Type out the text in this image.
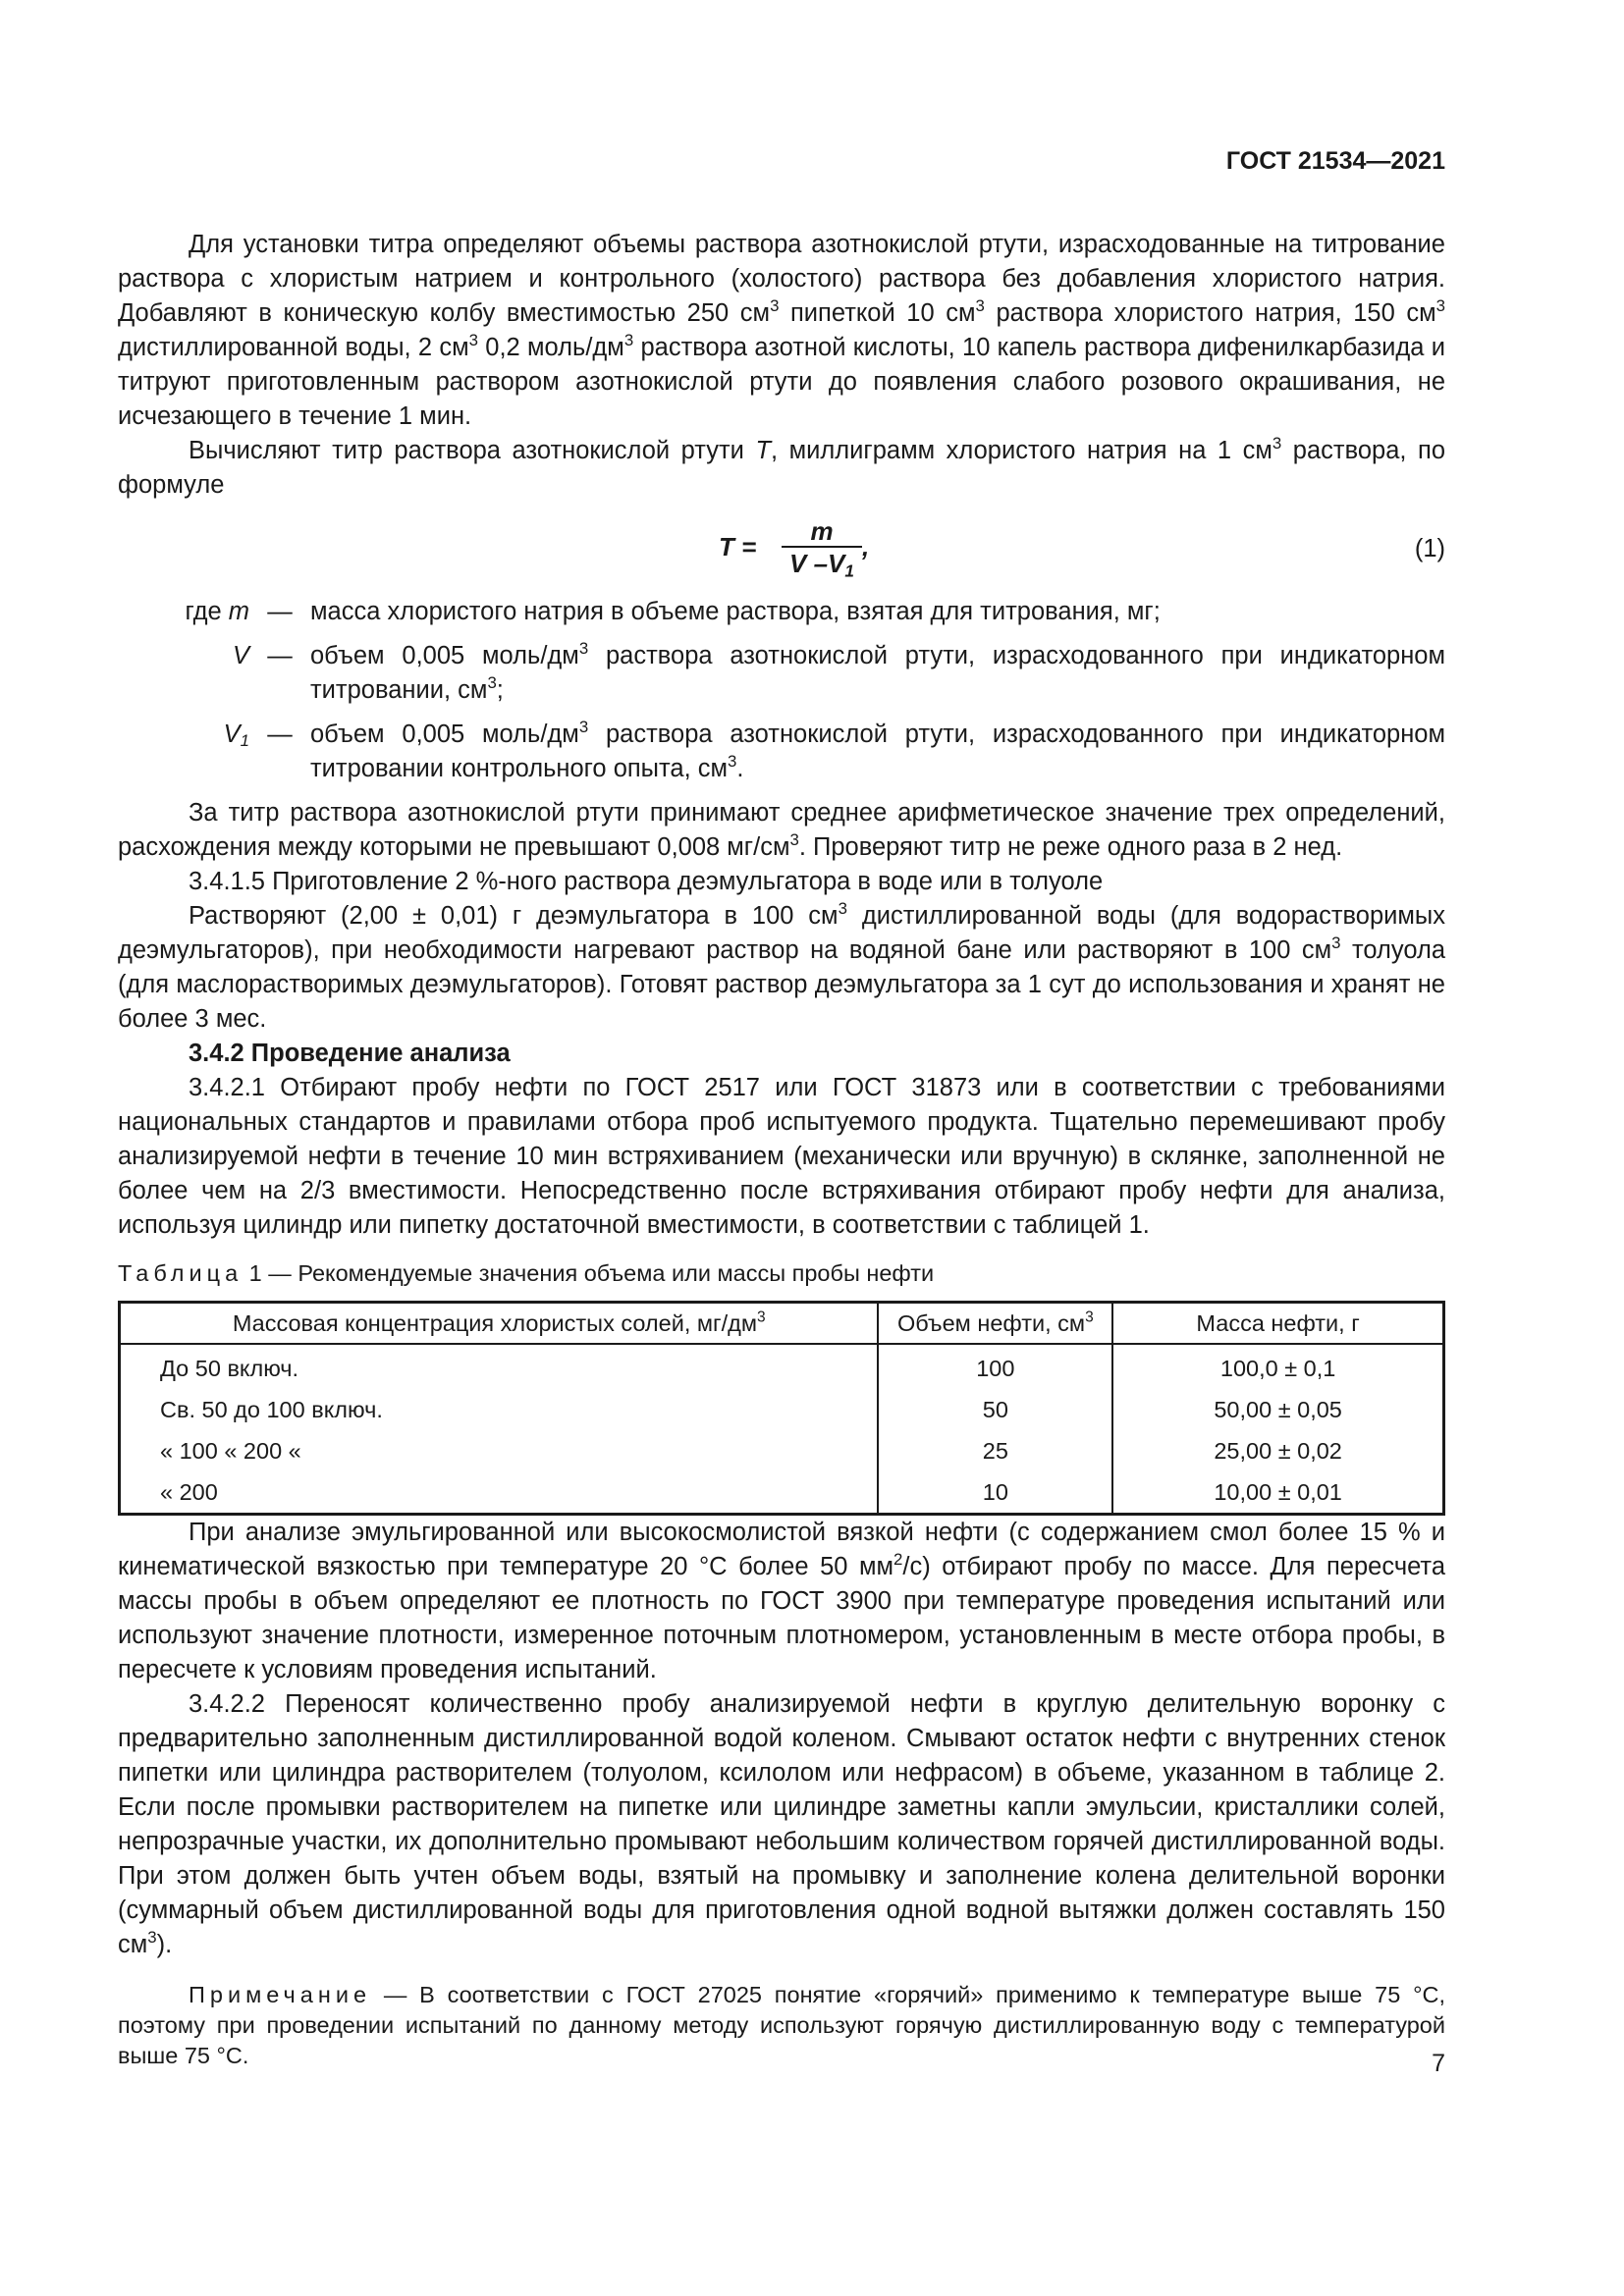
ГОСТ 21534—2021

Для установки титра определяют объемы раствора азотнокислой ртути, израсходованные на титрование раствора с хлористым натрием и контрольного (холостого) раствора без добавления хлористого натрия. Добавляют в коническую колбу вместимостью 250 $см^3$ пипеткой 10 $см^3$ раствора хлористого натрия, 150 $см^3$ дистиллированной воды, 2 $см^3$ 0,2 моль/$дм^3$ раствора азотной кислоты, 10 капель раствора дифенилкарбазида и титруют приготовленным раствором азотнокислой ртути до появления слабого розового окрашивания, не исчезающего в течение 1 мин.

Вычисляют титр раствора азотнокислой ртути T, миллиграмм хлористого натрия на 1 $см^3$ раствора, по формуле

T =
m
V $-V_1$
,	(1)
где m — масса хлористого натрия в объеме раствора, взятая для титрования, мг;
V — объем 0,005 моль/$дм^3$ раствора азотнокислой ртути, израсходованного при индикаторном титровании, $см^3$;
$V_1$ — объем 0,005 моль/$дм^3$ раствора азотнокислой ртути, израсходованного при индикаторном титровании контрольного опыта, $см^3$.

За титр раствора азотнокислой ртути принимают среднее арифметическое значение трех определений, расхождения между которыми не превышают 0,008 $мг/см^3$. Проверяют титр не реже одного раза в 2 нед.

3.4.1.5 Приготовление 2 %-ного раствора деэмульгатора в воде или в толуоле

Растворяют (2,00 ± 0,01) г деэмульгатора в 100 $см^3$ дистиллированной воды (для водорастворимых деэмульгаторов), при необходимости нагревают раствор на водяной бане или растворяют в 100 $см^3$ толуола (для маслорастворимых деэмульгаторов). Готовят раствор деэмульгатора за 1 сут до использования и хранят не более 3 мес.

3.4.2 Проведение анализа

3.4.2.1 Отбирают пробу нефти по ГОСТ 2517 или ГОСТ 31873 или в соответствии с требованиями национальных стандартов и правилами отбора проб испытуемого продукта. Тщательно перемешивают пробу анализируемой нефти в течение 10 мин встряхиванием (механически или вручную) в склянке, заполненной не более чем на 2/3 вместимости. Непосредственно после встряхивания отбирают пробу нефти для анализа, используя цилиндр или пипетку достаточной вместимости, в соответствии с таблицей 1.

Таблица 1 — Рекомендуемые значения объема или массы пробы нефти
Массовая концентрация хлористых солей, $мг/дм^3$	Объем нефти, $см^3$	Масса нефти, г
До 50 включ.	100	100,0 ± 0,1
Св. 50 до 100 включ.	50	50,00 ± 0,05
« 100 « 200 «	25	25,00 ± 0,02
« 200	10	10,00 ± 0,01

При анализе эмульгированной или высокосмолистой вязкой нефти (с содержанием смол более 15 % и кинематической вязкостью при температуре 20 °С более 50 $мм^2/с$) отбирают пробу по массе. Для пересчета массы пробы в объем определяют ее плотность по ГОСТ 3900 при температуре проведения испытаний или используют значение плотности, измеренное поточным плотномером, установленным в месте отбора пробы, в пересчете к условиям проведения испытаний.

3.4.2.2 Переносят количественно пробу анализируемой нефти в круглую делительную воронку с предварительно заполненным дистиллированной водой коленом. Смывают остаток нефти с внутренних стенок пипетки или цилиндра растворителем (толуолом, ксилолом или нефрасом) в объеме, указанном в таблице 2. Если после промывки растворителем на пипетке или цилиндре заметны капли эмульсии, кристаллики солей, непрозрачные участки, их дополнительно промывают небольшим количеством горячей дистиллированной воды. При этом должен быть учтен объем воды, взятый на промывку и заполнение колена делительной воронки (суммарный объем дистиллированной воды для приготовления одной водной вытяжки должен составлять 150 $см^3$).

Примечание — В соответствии с ГОСТ 27025 понятие «горячий» применимо к температуре выше 75 °С, поэтому при проведении испытаний по данному методу используют горячую дистиллированную воду с температурой выше 75 °С.	7
